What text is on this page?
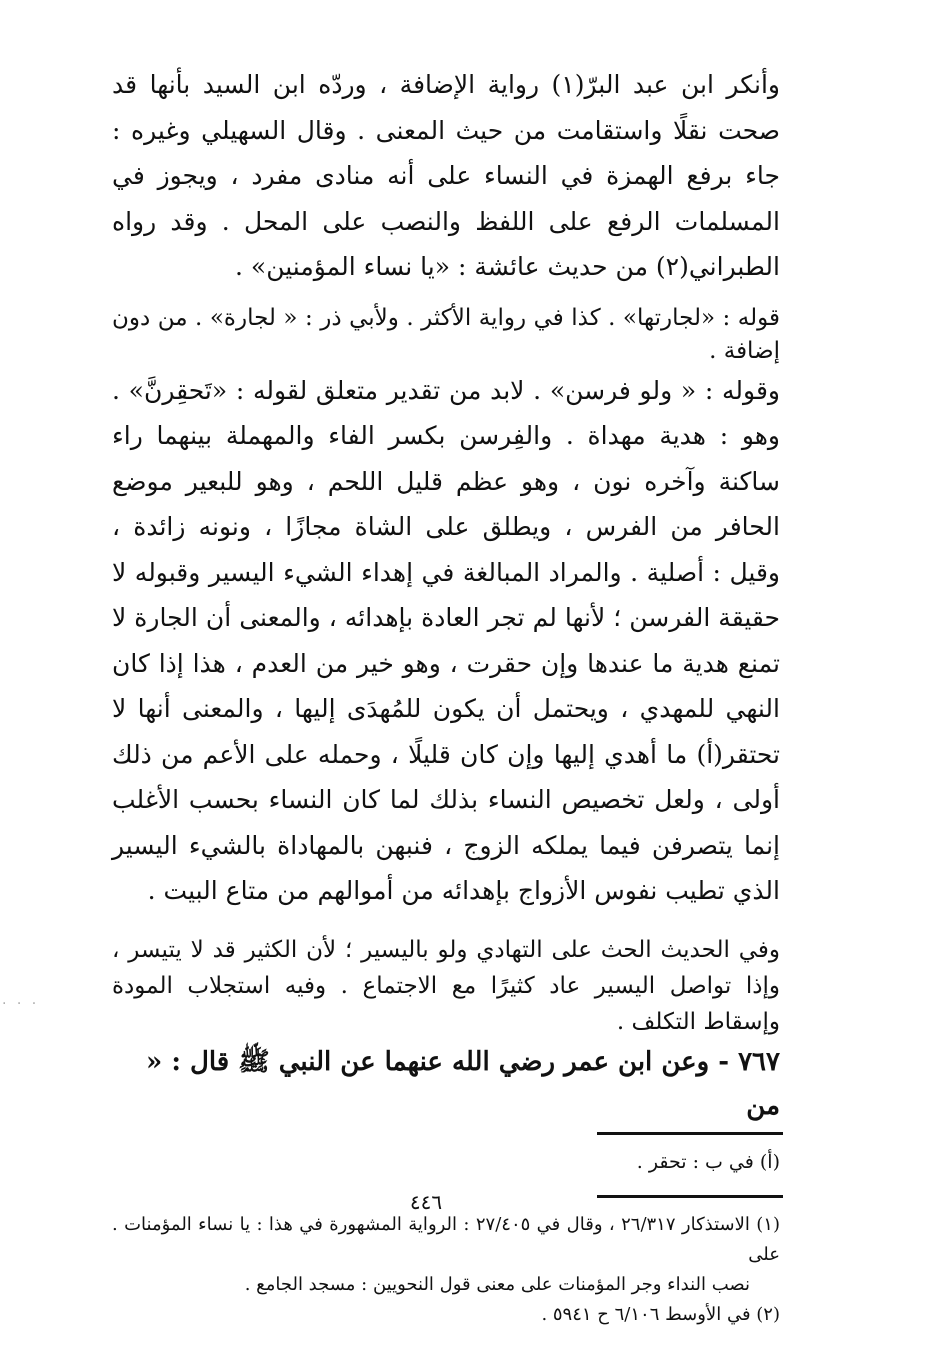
وأنكر ابن عبد البرّ(١) رواية الإضافة ، وردّه ابن السيد بأنها قد صحت نقلًا واستقامت من حيث المعنى . وقال السهيلي وغيره : جاء برفع الهمزة في النساء على أنه منادى مفرد ، ويجوز في المسلمات الرفع على اللفظ والنصب على المحل . وقد رواه الطبراني(٢) من حديث عائشة : «يا نساء المؤمنين» .

قوله : «لجارتها» . كذا في رواية الأكثر . ولأبي ذر : « لجارة» . من دون إضافة .
وقوله : « ولو فرسن» . لابد من تقدير متعلق لقوله : «تَحقِرنَّ» . وهو : هدية مهداة . والفِرسن بكسر الفاء والمهملة بينهما راء ساكنة وآخره نون ، وهو عظم قليل اللحم ، وهو للبعير موضع الحافر من الفرس ، ويطلق على الشاة مجازًا ، ونونه زائدة ، وقيل : أصلية . والمراد المبالغة في إهداء الشيء اليسير وقبوله لا حقيقة الفرسن ؛ لأنها لم تجر العادة بإهدائه ، والمعنى أن الجارة لا تمنع هدية ما عندها وإن حقرت ، وهو خير من العدم ، هذا إذا كان النهي للمهدي ، ويحتمل أن يكون للمُهدَى إليها ، والمعنى أنها لا تحتقر(أ) ما أهدي إليها وإن كان قليلًا ، وحمله على الأعم من ذلك أولى ، ولعل تخصيص النساء بذلك لما كان النساء بحسب الأغلب إنما يتصرفن فيما يملكه الزوج ، فنبهن بالمهاداة بالشيء اليسير الذي تطيب نفوس الأزواج بإهدائه من أموالهم من متاع البيت .

وفي الحديث الحث على التهادي ولو باليسير ؛ لأن الكثير قد لا يتيسر ، وإذا تواصل اليسير عاد كثيرًا مع الاجتماع . وفيه استجلاب المودة وإسقاط التكلف .

٧٦٧ - وعن ابن عمر رضي الله عنهما عن النبي ﷺ قال : « من

(أ) في ب : تحقر .

(١) الاستذكار ٢٦/٣١٧ ، وقال في ٢٧/٤٠٥ : الرواية المشهورة في هذا : يا نساء المؤمنات . على
نصب النداء وجر المؤمنات على معنى قول النحويين : مسجد الجامع .

(٢) في الأوسط ٦/١٠٦ ح ٥٩٤١ .

٤٤٦
. . .
